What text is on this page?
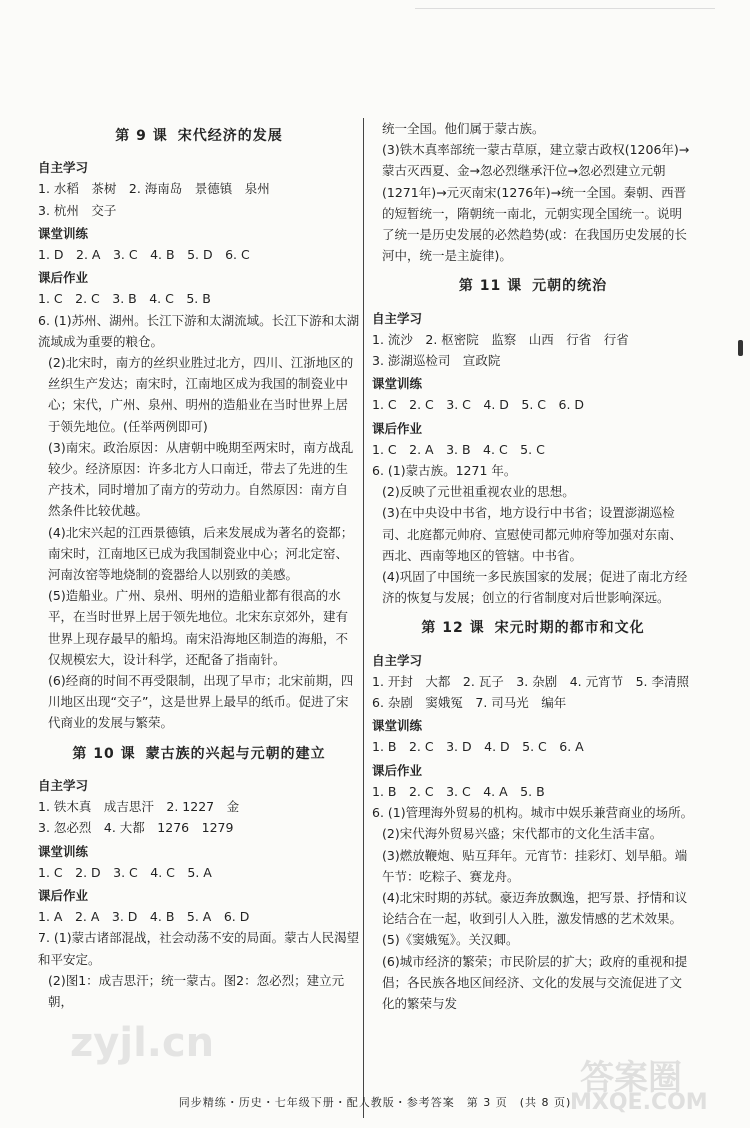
第 9 课 宋代经济的发展
自主学习
1. 水稻　茶树　2. 海南岛　景德镇　泉州
3. 杭州　交子
课堂训练
1. D　2. A　3. C　4. B　5. D　6. C
课后作业
1. C　2. C　3. B　4. C　5. B

6. (1)苏州、湖州。长江下游和太湖流域。长江下游和太湖流域成为重要的粮仓。

(2)北宋时，南方的丝织业胜过北方，四川、江浙地区的丝织生产发达；南宋时，江南地区成为我国的制瓷业中心；宋代，广州、泉州、明州的造船业在当时世界上居于领先地位。(任举两例即可)

(3)南宋。政治原因：从唐朝中晚期至两宋时，南方战乱较少。经济原因：许多北方人口南迁，带去了先进的生产技术，同时增加了南方的劳动力。自然原因：南方自然条件比较优越。

(4)北宋兴起的江西景德镇，后来发展成为著名的瓷都；南宋时，江南地区已成为我国制瓷业中心；河北定窑、河南汝窑等地烧制的瓷器给人以别致的美感。

(5)造船业。广州、泉州、明州的造船业都有很高的水平，在当时世界上居于领先地位。北宋东京郊外，建有世界上现存最早的船坞。南宋沿海地区制造的海船，不仅规模宏大，设计科学，还配备了指南针。

(6)经商的时间不再受限制，出现了早市；北宋前期，四川地区出现“交子”，这是世界上最早的纸币。促进了宋代商业的发展与繁荣。

第 10 课 蒙古族的兴起与元朝的建立
自主学习
1. 铁木真　成吉思汗　2. 1227　金
3. 忽必烈　4. 大都　1276　1279
课堂训练
1. C　2. D　3. C　4. C　5. A
课后作业
1. A　2. A　3. D　4. B　5. A　6. D

7. (1)蒙古诸部混战，社会动荡不安的局面。蒙古人民渴望和平安定。

(2)图1：成吉思汗；统一蒙古。图2：忽必烈；建立元朝，

统一全国。他们属于蒙古族。

(3)铁木真率部统一蒙古草原，建立蒙古政权(1206年)→蒙古灭西夏、金→忽必烈继承汗位→忽必烈建立元朝(1271年)→元灭南宋(1276年)→统一全国。秦朝、西晋的短暂统一，隋朝统一南北，元朝实现全国统一。说明了统一是历史发展的必然趋势(或：在我国历史发展的长河中，统一是主旋律)。

第 11 课 元朝的统治
自主学习
1. 流沙　2. 枢密院　监察　山西　行省　行省
3. 澎湖巡检司　宣政院
课堂训练
1. C　2. C　3. C　4. D　5. C　6. D
课后作业
1. C　2. A　3. B　4. C　5. C

6. (1)蒙古族。1271 年。

(2)反映了元世祖重视农业的思想。

(3)在中央设中书省，地方设行中书省；设置澎湖巡检司、北庭都元帅府、宣慰使司都元帅府等加强对东南、西北、西南等地区的管辖。中书省。

(4)巩固了中国统一多民族国家的发展；促进了南北方经济的恢复与发展；创立的行省制度对后世影响深远。

第 12 课 宋元时期的都市和文化
自主学习
1. 开封　大都　2. 瓦子　3. 杂剧　4. 元宵节　5. 李清照
6. 杂剧　窦娥冤　7. 司马光　编年
课堂训练
1. B　2. C　3. D　4. D　5. C　6. A
课后作业
1. B　2. C　3. C　4. A　5. B

6. (1)管理海外贸易的机构。城市中娱乐兼营商业的场所。

(2)宋代海外贸易兴盛；宋代都市的文化生活丰富。

(3)燃放鞭炮、贴互拜年。元宵节：挂彩灯、划旱船。端午节：吃粽子、赛龙舟。

(4)北宋时期的苏轼。豪迈奔放飘逸，把写景、抒情和议论结合在一起，收到引人入胜，激发情感的艺术效果。

(5)《窦娥冤》。关汉卿。

(6)城市经济的繁荣；市民阶层的扩大；政府的重视和提倡；各民族各地区间经济、文化的发展与交流促进了文化的繁荣与发

zyjl.cn
答案圈
MXQE.COM
同步精练・历史・七年级下册・配人教版・参考答案　第 3 页　(共 8 页)
